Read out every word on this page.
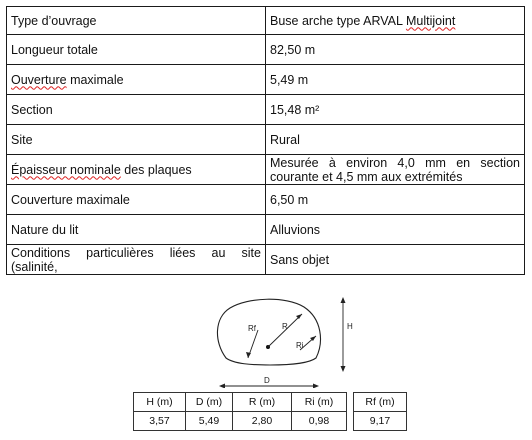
Type d’ouvrage	Buse arche type ARVAL Multijoint
Longueur totale	82,50 m
Ouverture maximale	5,49 m
Section	15,48 m²
Site	Rural
Épaisseur nominale des plaques	Mesurée à environ 4,0 mm en section courante et 4,5 mm aux extrémités
Couverture maximale	6,50 m
Nature du lit	Alluvions

Conditions particulières liées au site
(salinité,	Sans objet
Rf	R
Ri
H
D
H (m)	D (m)	R (m)	Ri (m)		Rf (m)
3,57	5,49	2,80	0,98		9,17
